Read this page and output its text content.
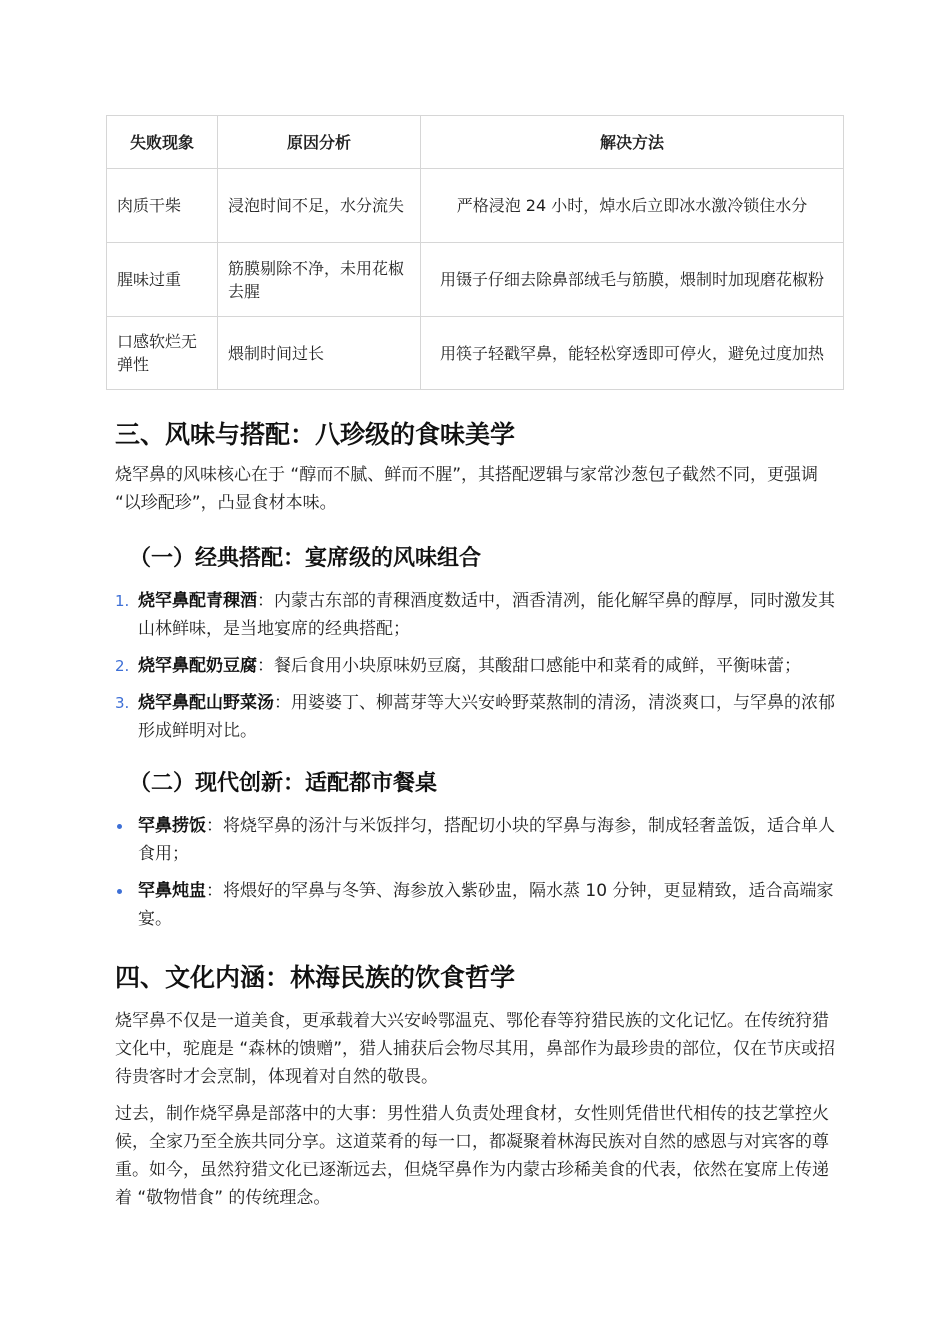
失败现象	原因分析	解决方法
肉质干柴	浸泡时间不足，水分流失	严格浸泡 24 小时，焯水后立即冰水激冷锁住水分
腥味过重	筋膜剔除不净，未用花椒去腥	用镊子仔细去除鼻部绒毛与筋膜，煨制时加现磨花椒粉
口感软烂无弹性	煨制时间过长	用筷子轻戳罕鼻，能轻松穿透即可停火，避免过度加热
三、风味与搭配：八珍级的食味美学

烧罕鼻的风味核心在于 “醇而不腻、鲜而不腥”，其搭配逻辑与家常沙葱包子截然不同，更强调 “以珍配珍”，凸显食材本味。

（一）经典搭配：宴席级的风味组合
1. 烧罕鼻配青稞酒：内蒙古东部的青稞酒度数适中，酒香清冽，能化解罕鼻的醇厚，同时激发其山林鲜味，是当地宴席的经典搭配；
2. 烧罕鼻配奶豆腐：餐后食用小块原味奶豆腐，其酸甜口感能中和菜肴的咸鲜，平衡味蕾；
3. 烧罕鼻配山野菜汤：用婆婆丁、柳蒿芽等大兴安岭野菜熬制的清汤，清淡爽口，与罕鼻的浓郁形成鲜明对比。
（二）现代创新：适配都市餐桌
罕鼻捞饭：将烧罕鼻的汤汁与米饭拌匀，搭配切小块的罕鼻与海参，制成轻奢盖饭，适合单人食用；
罕鼻炖盅：将煨好的罕鼻与冬笋、海参放入紫砂盅，隔水蒸 10 分钟，更显精致，适合高端家宴。
四、文化内涵：林海民族的饮食哲学

烧罕鼻不仅是一道美食，更承载着大兴安岭鄂温克、鄂伦春等狩猎民族的文化记忆。在传统狩猎文化中，驼鹿是 “森林的馈赠”，猎人捕获后会物尽其用，鼻部作为最珍贵的部位，仅在节庆或招待贵客时才会烹制，体现着对自然的敬畏。

过去，制作烧罕鼻是部落中的大事：男性猎人负责处理食材，女性则凭借世代相传的技艺掌控火候，全家乃至全族共同分享。这道菜肴的每一口，都凝聚着林海民族对自然的感恩与对宾客的尊重。如今，虽然狩猎文化已逐渐远去，但烧罕鼻作为内蒙古珍稀美食的代表，依然在宴席上传递着 “敬物惜食” 的传统理念。
